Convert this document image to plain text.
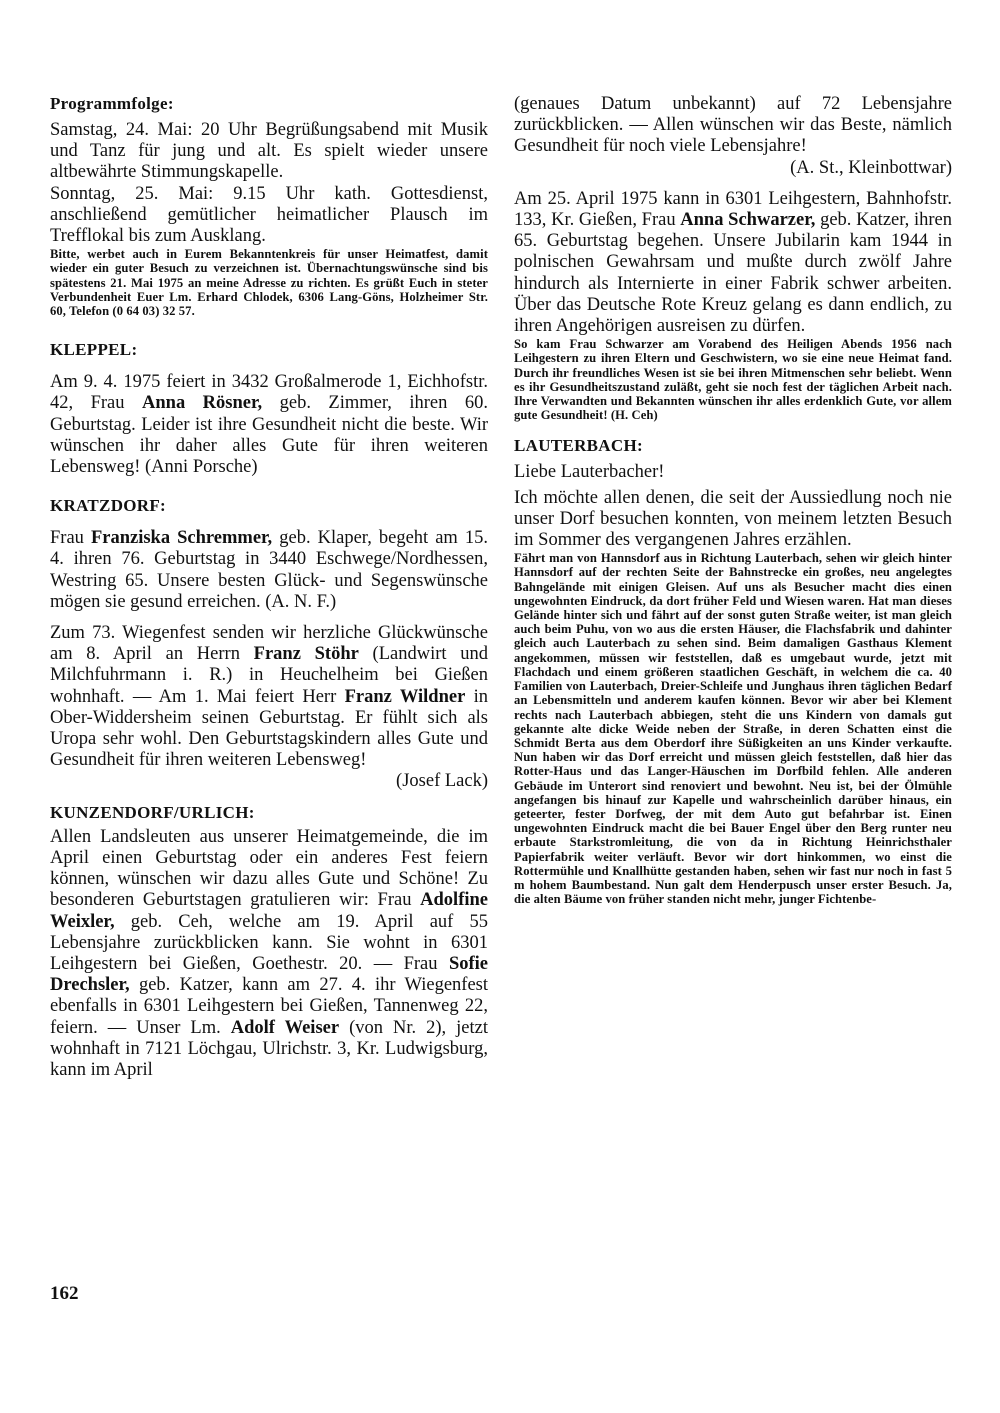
Programmfolge:

Samstag, 24. Mai: 20 Uhr Begrüßungsabend mit Musik und Tanz für jung und alt. Es spielt wieder unsere altbewährte Stimmungskapelle.

Sonntag, 25. Mai: 9.15 Uhr kath. Gottesdienst, anschließend gemütlicher heimatlicher Plausch im Trefflokal bis zum Ausklang.

Bitte, werbet auch in Eurem Bekanntenkreis für unser Heimatfest, damit wieder ein guter Besuch zu verzeichnen ist. Übernachtungswünsche sind bis spätestens 21. Mai 1975 an meine Adresse zu richten. Es grüßt Euch in steter Verbundenheit Euer Lm. Erhard Chlodek, 6306 Lang-Göns, Holzheimer Str. 60, Telefon (0 64 03) 32 57.

KLEPPEL:

Am 9. 4. 1975 feiert in 3432 Großalmerode 1, Eichhofstr. 42, Frau Anna Rösner, geb. Zimmer, ihren 60. Geburtstag. Leider ist ihre Gesundheit nicht die beste. Wir wünschen ihr daher alles Gute für ihren weiteren Lebensweg! (Anni Porsche)

KRATZDORF:

Frau Franziska Schremmer, geb. Klaper, begeht am 15. 4. ihren 76. Geburtstag in 3440 Eschwege/Nordhessen, Westring 65. Unsere besten Glück- und Segenswünsche mögen sie gesund erreichen. (A. N. F.)

Zum 73. Wiegenfest senden wir herzliche Glückwünsche am 8. April an Herrn Franz Stöhr (Landwirt und Milchfuhrmann i. R.) in Heuchelheim bei Gießen wohnhaft. — Am 1. Mai feiert Herr Franz Wildner in Ober-Widdersheim seinen Geburtstag. Er fühlt sich als Uropa sehr wohl. Den Geburtstagskindern alles Gute und Gesundheit für ihren weiteren Lebensweg!

(Josef Lack)

KUNZENDORF/URLICH:

Allen Landsleuten aus unserer Heimatgemeinde, die im April einen Geburtstag oder ein anderes Fest feiern können, wünschen wir dazu alles Gute und Schöne! Zu besonderen Geburtstagen gratulieren wir: Frau Adolfine Weixler, geb. Ceh, welche am 19. April auf 55 Lebensjahre zurückblicken kann. Sie wohnt in 6301 Leihgestern bei Gießen, Goethestr. 20. — Frau Sofie Drechsler, geb. Katzer, kann am 27. 4. ihr Wiegenfest ebenfalls in 6301 Leihgestern bei Gießen, Tannenweg 22, feiern. — Unser Lm. Adolf Weiser (von Nr. 2), jetzt wohnhaft in 7121 Löchgau, Ulrichstr. 3, Kr. Ludwigsburg, kann im April

162

(genaues Datum unbekannt) auf 72 Lebensjahre zurückblicken. — Allen wünschen wir das Beste, nämlich Gesundheit für noch viele Lebensjahre!

(A. St., Kleinbottwar)

Am 25. April 1975 kann in 6301 Leihgestern, Bahnhofstr. 133, Kr. Gießen, Frau Anna Schwarzer, geb. Katzer, ihren 65. Geburtstag begehen. Unsere Jubilarin kam 1944 in polnischen Gewahrsam und mußte durch zwölf Jahre hindurch als Internierte in einer Fabrik schwer arbeiten. Über das Deutsche Rote Kreuz gelang es dann endlich, zu ihren Angehörigen ausreisen zu dürfen.

So kam Frau Schwarzer am Vorabend des Heiligen Abends 1956 nach Leihgestern zu ihren Eltern und Geschwistern, wo sie eine neue Heimat fand. Durch ihr freundliches Wesen ist sie bei ihren Mitmenschen sehr beliebt. Wenn es ihr Gesundheitszustand zuläßt, geht sie noch fest der täglichen Arbeit nach. Ihre Verwandten und Bekannten wünschen ihr alles erdenklich Gute, vor allem gute Gesundheit! (H. Ceh)

LAUTERBACH:

Liebe Lauterbacher!

Ich möchte allen denen, die seit der Aussiedlung noch nie unser Dorf besuchen konnten, von meinem letzten Besuch im Sommer des vergangenen Jahres erzählen.

Fährt man von Hannsdorf aus in Richtung Lauterbach, sehen wir gleich hinter Hannsdorf auf der rechten Seite der Bahnstrecke ein großes, neu angelegtes Bahngelände mit einigen Gleisen. Auf uns als Besucher macht dies einen ungewohnten Eindruck, da dort früher Feld und Wiesen waren. Hat man dieses Gelände hinter sich und fährt auf der sonst guten Straße weiter, ist man gleich auch beim Puhu, von wo aus die ersten Häuser, die Flachsfabrik und dahinter gleich auch Lauterbach zu sehen sind. Beim damaligen Gasthaus Klement angekommen, müssen wir feststellen, daß es umgebaut wurde, jetzt mit Flachdach und einem größeren staatlichen Geschäft, in welchem die ca. 40 Familien von Lauterbach, Dreier-Schleife und Junghaus ihren täglichen Bedarf an Lebensmitteln und anderem kaufen können. Bevor wir aber bei Klement rechts nach Lauterbach abbiegen, steht die uns Kindern von damals gut gekannte alte dicke Weide neben der Straße, in deren Schatten einst die Schmidt Berta aus dem Oberdorf ihre Süßigkeiten an uns Kinder verkaufte. Nun haben wir das Dorf erreicht und müssen gleich feststellen, daß hier das Rotter-Haus und das Langer-Häuschen im Dorfbild fehlen. Alle anderen Gebäude im Unterort sind renoviert und bewohnt. Neu ist, bei der Ölmühle angefangen bis hinauf zur Kapelle und wahrscheinlich darüber hinaus, ein geteerter, fester Dorfweg, der mit dem Auto gut befahrbar ist. Einen ungewohnten Eindruck macht die bei Bauer Engel über den Berg runter neu erbaute Starkstromleitung, die von da in Richtung Heinrichsthaler Papierfabrik weiter verläuft. Bevor wir dort hinkommen, wo einst die Rottermühle und Knallhütte gestanden haben, sehen wir fast nur noch in fast 5 m hohem Baumbestand. Nun galt dem Henderpusch unser erster Besuch. Ja, die alten Bäume von früher standen nicht mehr, junger Fichtenbe-
